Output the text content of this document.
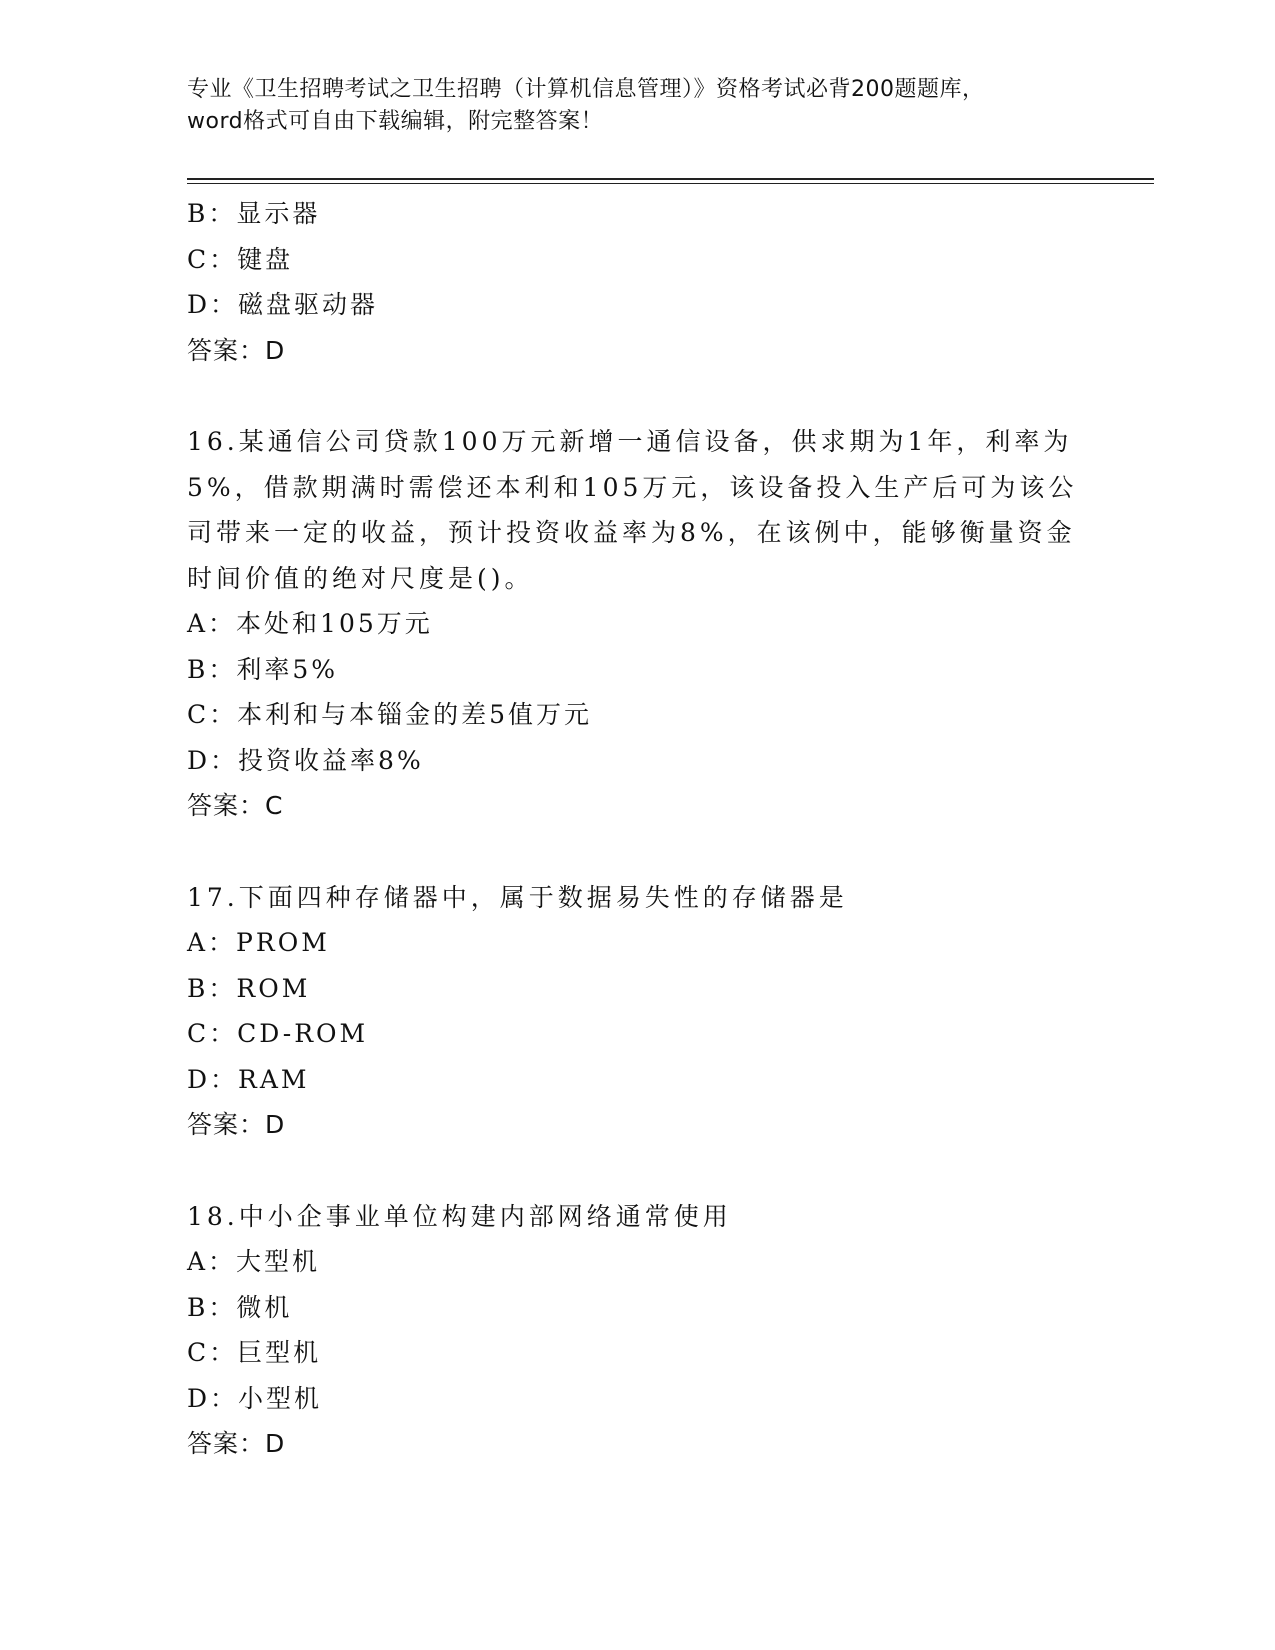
专业《卫生招聘考试之卫生招聘（计算机信息管理）》资格考试必背200题题库，
word格式可自由下载编辑，附完整答案！
B：显示器
C：键盘
D：磁盘驱动器
答案：D
16.某通信公司贷款100万元新增一通信设备，供求期为1年，利率为
5%，借款期满时需偿还本利和105万元，该设备投入生产后可为该公
司带来一定的收益，预计投资收益率为8%，在该例中，能够衡量资金
时间价值的绝对尺度是()。
A：本处和105万元
B：利率5%
C：本利和与本锱金的差5值万元
D：投资收益率8%
答案：C
17.下面四种存储器中，属于数据易失性的存储器是
A：PROM
B：ROM
C：CD-ROM
D：RAM
答案：D
18.中小企事业单位构建内部网络通常使用
A：大型机
B：微机
C：巨型机
D：小型机
答案：D
